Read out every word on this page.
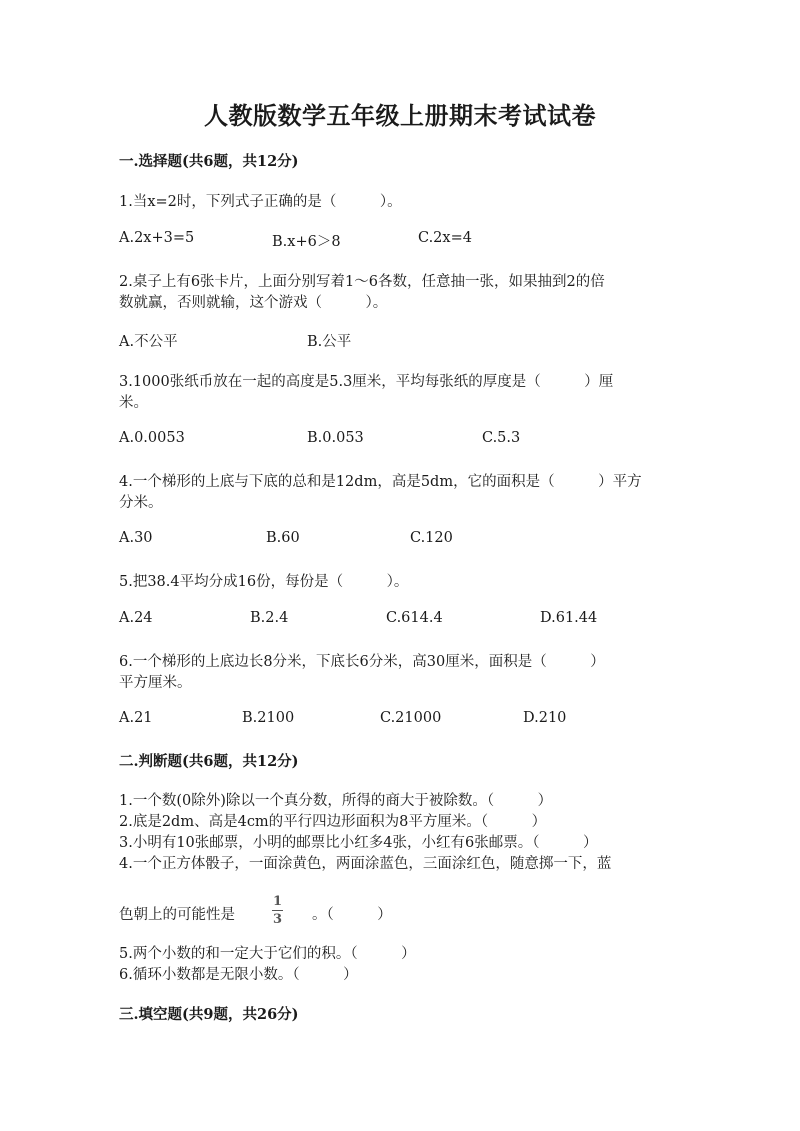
人教版数学五年级上册期末考试试卷
一.选择题(共6题，共12分)
1.当x=2时，下列式子正确的是（　　　）。
A.2x+3=5	B.x+6＞8	C.2x=4
2.桌子上有6张卡片，上面分别写着1～6各数，任意抽一张，如果抽到2的倍
数就赢，否则就输，这个游戏（　　　）。
A.不公平	B.公平
3.1000张纸币放在一起的高度是5.3厘米，平均每张纸的厚度是（　　　）厘
米。
A.0.0053	B.0.053	C.5.3
4.一个梯形的上底与下底的总和是12dm，高是5dm，它的面积是（　　　）平方
分米。
A.30	B.60	C.120
5.把38.4平均分成16份，每份是（　　　）。
A.24	B.2.4	C.614.4	D.61.44
6.一个梯形的上底边长8分米，下底长6分米，高30厘米，面积是（　　　）
平方厘米。
A.21	B.2100	C.21000	D.210
二.判断题(共6题，共12分)
1.一个数(0除外)除以一个真分数，所得的商大于被除数。（　　　）
2.底是2dm、高是4cm的平行四边形面积为8平方厘米。（　　　）
3.小明有10张邮票，小明的邮票比小红多4张，小红有6张邮票。（　　　）
4.一个正方体骰子，一面涂黄色，两面涂蓝色，三面涂红色，随意掷一下，蓝
色朝上的可能性是	$\frac{1}{3}$ 。（　　　）
5.两个小数的和一定大于它们的积。（　　　）
6.循环小数都是无限小数。（　　　）
三.填空题(共9题，共26分)
